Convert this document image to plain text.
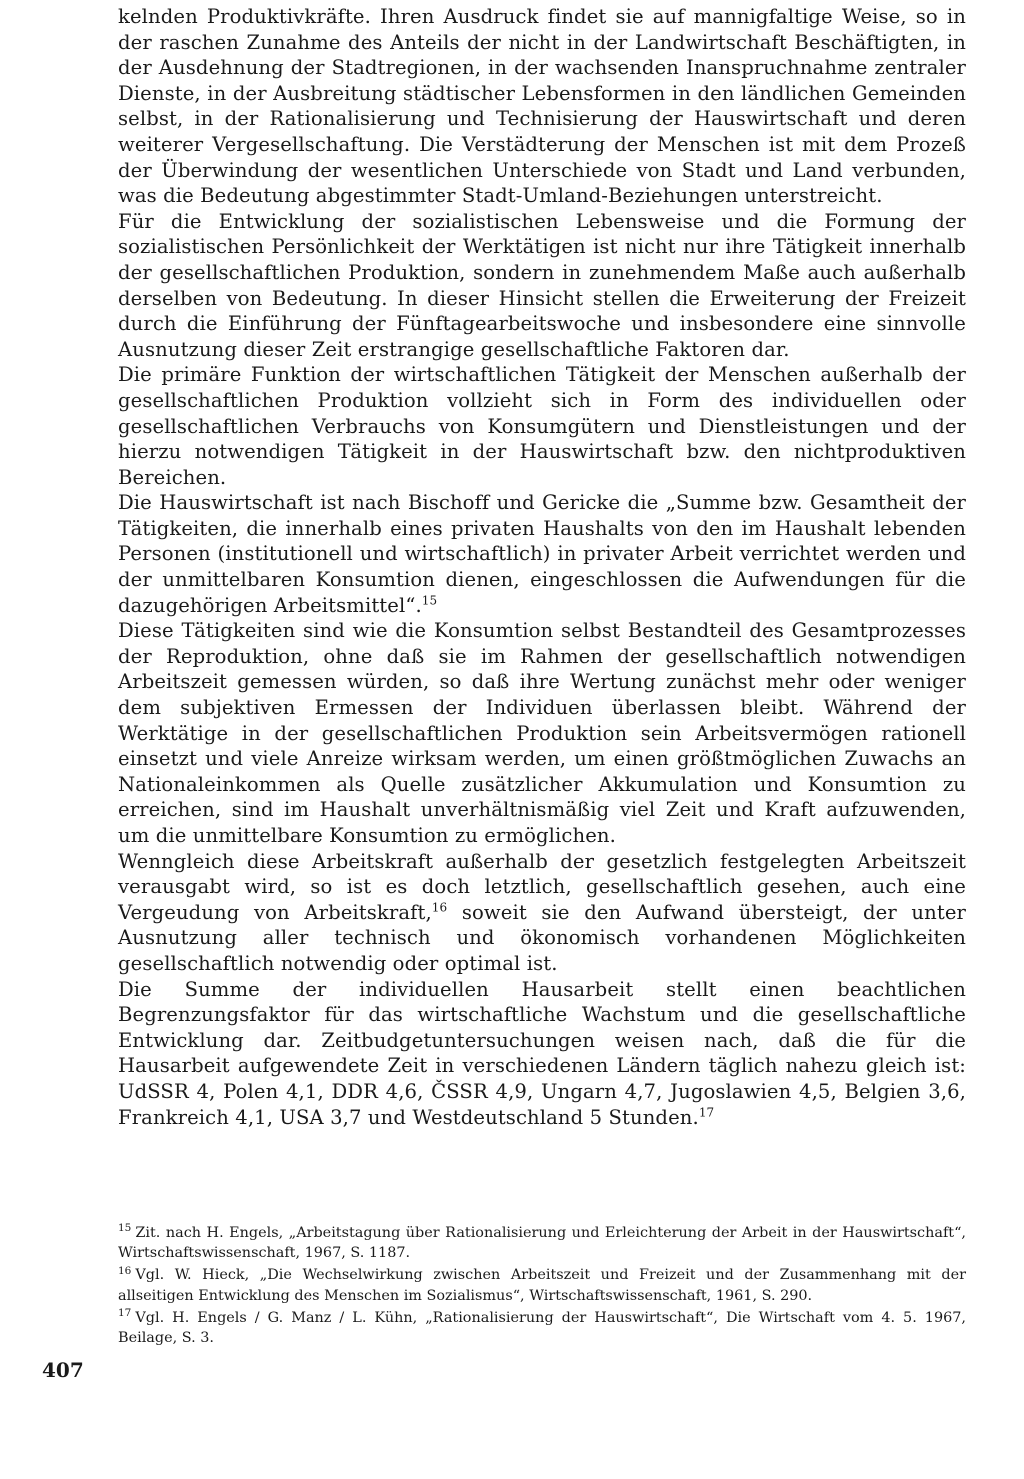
kelnden Produktivkräfte. Ihren Ausdruck findet sie auf mannigfaltige Weise, so in der raschen Zunahme des Anteils der nicht in der Landwirtschaft Beschäftigten, in der Ausdehnung der Stadtregionen, in der wachsenden Inanspruchnahme zentraler Dienste, in der Ausbreitung städtischer Lebensformen in den ländlichen Gemeinden selbst, in der Rationalisierung und Technisierung der Hauswirtschaft und deren weiterer Vergesellschaftung. Die Verstädterung der Menschen ist mit dem Prozeß der Überwindung der wesentlichen Unterschiede von Stadt und Land verbunden, was die Bedeutung abgestimmter Stadt-Umland-Beziehungen unterstreicht.

Für die Entwicklung der sozialistischen Lebensweise und die Formung der sozialistischen Persönlichkeit der Werktätigen ist nicht nur ihre Tätigkeit innerhalb der gesellschaftlichen Produktion, sondern in zunehmendem Maße auch außerhalb derselben von Bedeutung. In dieser Hinsicht stellen die Erweiterung der Freizeit durch die Einführung der Fünftagearbeitswoche und insbesondere eine sinnvolle Ausnutzung dieser Zeit erstrangige gesellschaftliche Faktoren dar.

Die primäre Funktion der wirtschaftlichen Tätigkeit der Menschen außerhalb der gesellschaftlichen Produktion vollzieht sich in Form des individuellen oder gesellschaftlichen Verbrauchs von Konsumgütern und Dienstleistungen und der hierzu notwendigen Tätigkeit in der Hauswirtschaft bzw. den nichtproduktiven Bereichen.

Die Hauswirtschaft ist nach Bischoff und Gericke die „Summe bzw. Gesamtheit der Tätigkeiten, die innerhalb eines privaten Haushalts von den im Haushalt lebenden Personen (institutionell und wirtschaftlich) in privater Arbeit verrichtet werden und der unmittelbaren Konsumtion dienen, eingeschlossen die Aufwendungen für die dazugehörigen Arbeitsmittel“.$^{15}$

Diese Tätigkeiten sind wie die Konsumtion selbst Bestandteil des Gesamtprozesses der Reproduktion, ohne daß sie im Rahmen der gesellschaftlich notwendigen Arbeitszeit gemessen würden, so daß ihre Wertung zunächst mehr oder weniger dem subjektiven Ermessen der Individuen überlassen bleibt. Während der Werktätige in der gesellschaftlichen Produktion sein Arbeitsvermögen rationell einsetzt und viele Anreize wirksam werden, um einen größtmöglichen Zuwachs an Nationaleinkommen als Quelle zusätzlicher Akkumulation und Konsumtion zu erreichen, sind im Haushalt unverhältnismäßig viel Zeit und Kraft aufzuwenden, um die unmittelbare Konsumtion zu ermöglichen.

Wenngleich diese Arbeitskraft außerhalb der gesetzlich festgelegten Arbeitszeit verausgabt wird, so ist es doch letztlich, gesellschaftlich gesehen, auch eine Vergeudung von Arbeitskraft,$^{16}$ soweit sie den Aufwand übersteigt, der unter Ausnutzung aller technisch und ökonomisch vorhandenen Möglichkeiten gesellschaftlich notwendig oder optimal ist.

Die Summe der individuellen Hausarbeit stellt einen beachtlichen Begrenzungsfaktor für das wirtschaftliche Wachstum und die gesellschaftliche Entwicklung dar. Zeitbudgetuntersuchungen weisen nach, daß die für die Hausarbeit aufgewendete Zeit in verschiedenen Ländern täglich nahezu gleich ist: UdSSR 4, Polen 4,1, DDR 4,6, ČSSR 4,9, Ungarn 4,7, Jugoslawien 4,5, Belgien 3,6, Frankreich 4,1, USA 3,7 und Westdeutschland 5 Stunden.$^{17}$

$^{15}$ Zit. nach H. Engels, „Arbeitstagung über Rationalisierung und Erleichterung der Arbeit in der Hauswirtschaft“, Wirtschaftswissenschaft, 1967, S. 1187.

$^{16}$ Vgl. W. Hieck, „Die Wechselwirkung zwischen Arbeitszeit und Freizeit und der Zusammenhang mit der allseitigen Entwicklung des Menschen im Sozialismus“, Wirtschaftswissenschaft, 1961, S. 290.

$^{17}$ Vgl. H. Engels / G. Manz / L. Kühn, „Rationalisierung der Hauswirtschaft“, Die Wirtschaft vom 4. 5. 1967, Beilage, S. 3.

407
